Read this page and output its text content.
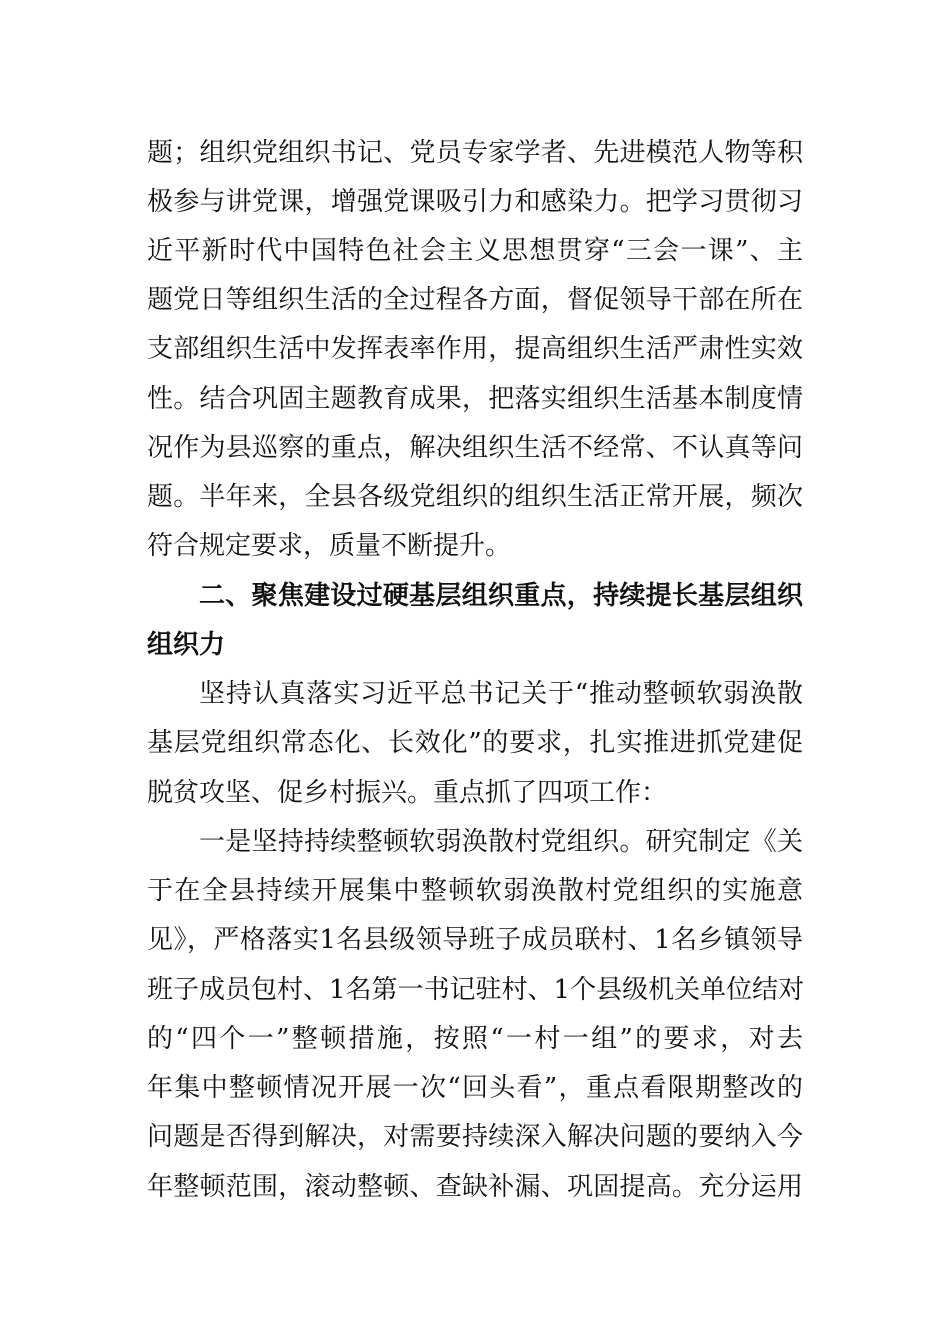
题；组织党组织书记、党员专家学者、先进模范人物等积
极参与讲党课，增强党课吸引力和感染力。把学习贯彻习
近平新时代中国特色社会主义思想贯穿“三会一课”、主
题党日等组织生活的全过程各方面，督促领导干部在所在
支部组织生活中发挥表率作用，提高组织生活严肃性实效
性。结合巩固主题教育成果，把落实组织生活基本制度情
况作为县巡察的重点，解决组织生活不经常、不认真等问
题。半年来，全县各级党组织的组织生活正常开展，频次
符合规定要求，质量不断提升。
二、聚焦建设过硬基层组织重点，持续提长基层组织
组织力
坚持认真落实习近平总书记关于“推动整顿软弱涣散
基层党组织常态化、长效化”的要求，扎实推进抓党建促
脱贫攻坚、促乡村振兴。重点抓了四项工作：
一是坚持持续整顿软弱涣散村党组织。研究制定《关
于在全县持续开展集中整顿软弱涣散村党组织的实施意
见》，严格落实1名县级领导班子成员联村、1名乡镇领导
班子成员包村、1名第一书记驻村、1个县级机关单位结对
的“四个一”整顿措施，按照“一村一组”的要求，对去
年集中整顿情况开展一次“回头看”，重点看限期整改的
问题是否得到解决，对需要持续深入解决问题的要纳入今
年整顿范围，滚动整顿、查缺补漏、巩固提高。充分运用
